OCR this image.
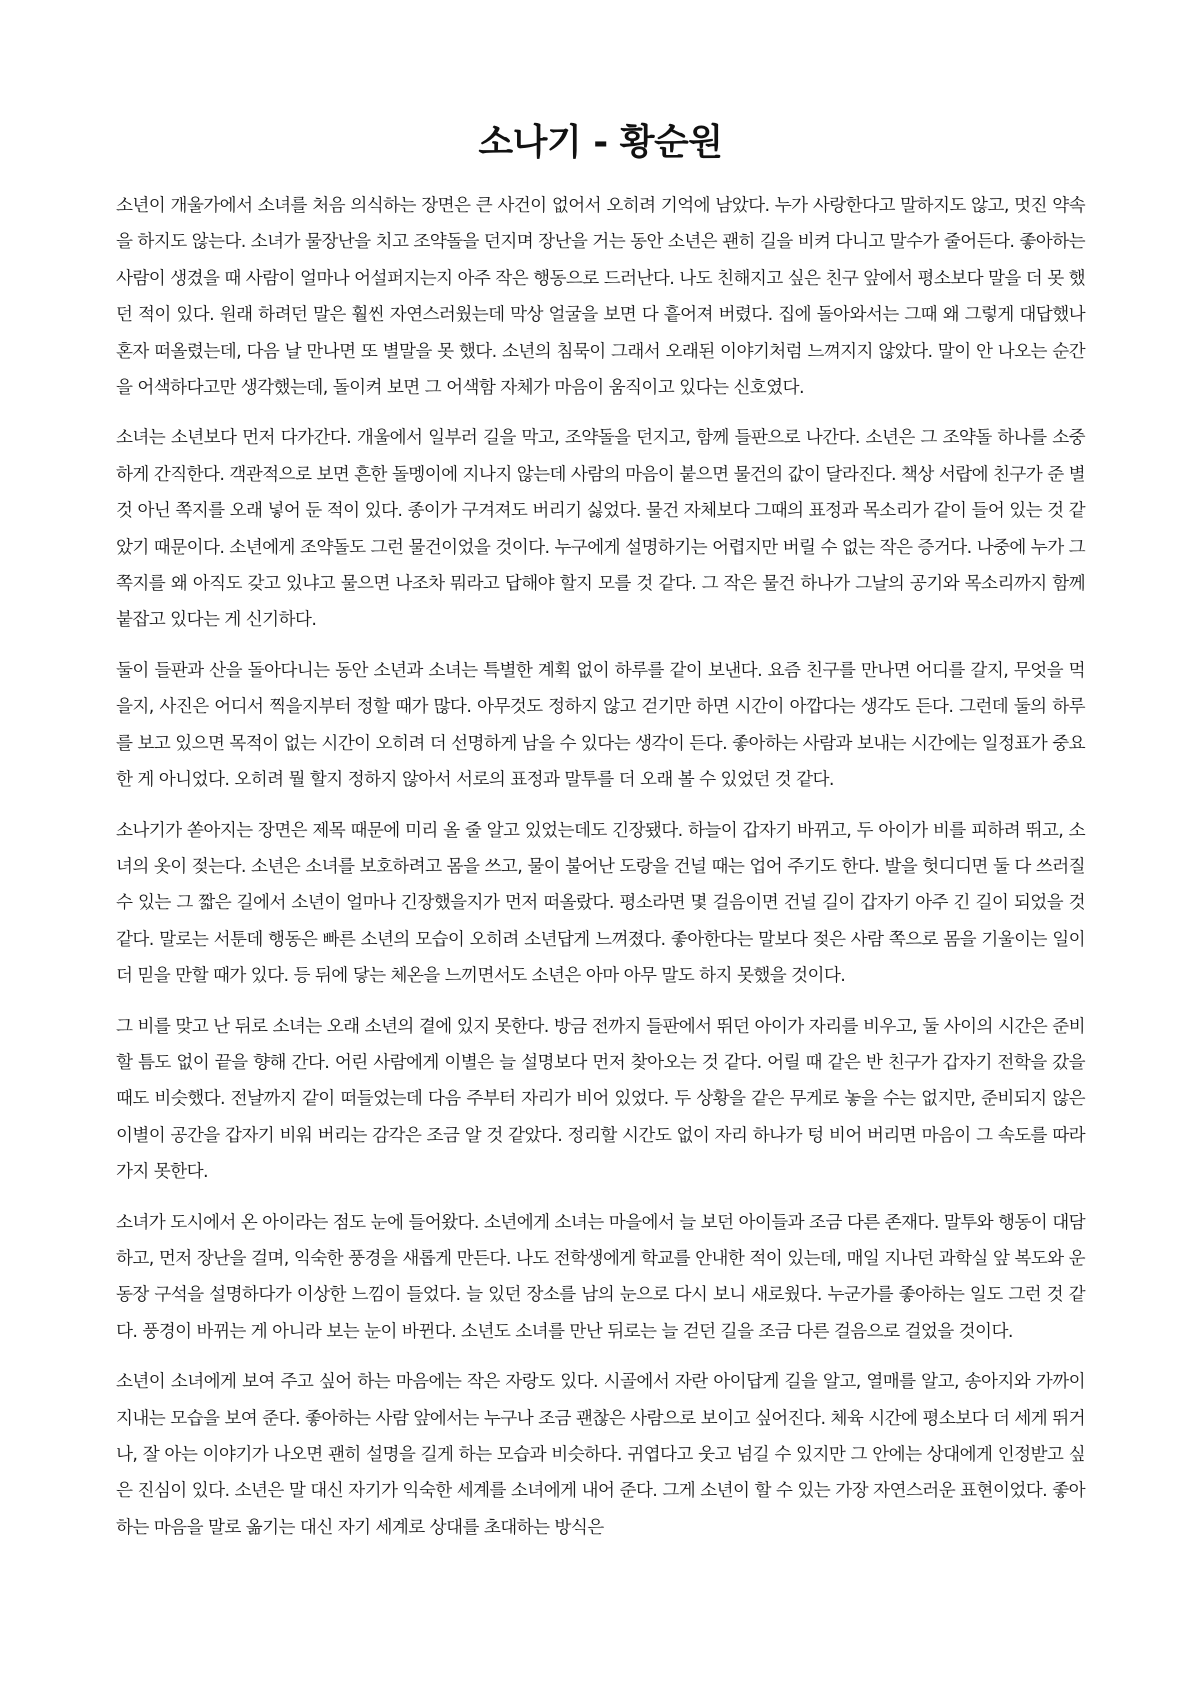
소나기 - 황순원

소년이 개울가에서 소녀를 처음 의식하는 장면은 큰 사건이 없어서 오히려 기억에 남았다. 누가 사랑한다고 말하지도 않고, 멋진 약속을 하지도 않는다. 소녀가 물장난을 치고 조약돌을 던지며 장난을 거는 동안 소년은 괜히 길을 비켜 다니고 말수가 줄어든다. 좋아하는 사람이 생겼을 때 사람이 얼마나 어설퍼지는지 아주 작은 행동으로 드러난다. 나도 친해지고 싶은 친구 앞에서 평소보다 말을 더 못 했던 적이 있다. 원래 하려던 말은 훨씬 자연스러웠는데 막상 얼굴을 보면 다 흩어져 버렸다. 집에 돌아와서는 그때 왜 그렇게 대답했나 혼자 떠올렸는데, 다음 날 만나면 또 별말을 못 했다. 소년의 침묵이 그래서 오래된 이야기처럼 느껴지지 않았다. 말이 안 나오는 순간을 어색하다고만 생각했는데, 돌이켜 보면 그 어색함 자체가 마음이 움직이고 있다는 신호였다.

소녀는 소년보다 먼저 다가간다. 개울에서 일부러 길을 막고, 조약돌을 던지고, 함께 들판으로 나간다. 소년은 그 조약돌 하나를 소중하게 간직한다. 객관적으로 보면 흔한 돌멩이에 지나지 않는데 사람의 마음이 붙으면 물건의 값이 달라진다. 책상 서랍에 친구가 준 별것 아닌 쪽지를 오래 넣어 둔 적이 있다. 종이가 구겨져도 버리기 싫었다. 물건 자체보다 그때의 표정과 목소리가 같이 들어 있는 것 같았기 때문이다. 소년에게 조약돌도 그런 물건이었을 것이다. 누구에게 설명하기는 어렵지만 버릴 수 없는 작은 증거다. 나중에 누가 그 쪽지를 왜 아직도 갖고 있냐고 물으면 나조차 뭐라고 답해야 할지 모를 것 같다. 그 작은 물건 하나가 그날의 공기와 목소리까지 함께 붙잡고 있다는 게 신기하다.

둘이 들판과 산을 돌아다니는 동안 소년과 소녀는 특별한 계획 없이 하루를 같이 보낸다. 요즘 친구를 만나면 어디를 갈지, 무엇을 먹을지, 사진은 어디서 찍을지부터 정할 때가 많다. 아무것도 정하지 않고 걷기만 하면 시간이 아깝다는 생각도 든다. 그런데 둘의 하루를 보고 있으면 목적이 없는 시간이 오히려 더 선명하게 남을 수 있다는 생각이 든다. 좋아하는 사람과 보내는 시간에는 일정표가 중요한 게 아니었다. 오히려 뭘 할지 정하지 않아서 서로의 표정과 말투를 더 오래 볼 수 있었던 것 같다.

소나기가 쏟아지는 장면은 제목 때문에 미리 올 줄 알고 있었는데도 긴장됐다. 하늘이 갑자기 바뀌고, 두 아이가 비를 피하려 뛰고, 소녀의 옷이 젖는다. 소년은 소녀를 보호하려고 몸을 쓰고, 물이 불어난 도랑을 건널 때는 업어 주기도 한다. 발을 헛디디면 둘 다 쓰러질 수 있는 그 짧은 길에서 소년이 얼마나 긴장했을지가 먼저 떠올랐다. 평소라면 몇 걸음이면 건널 길이 갑자기 아주 긴 길이 되었을 것 같다. 말로는 서툰데 행동은 빠른 소년의 모습이 오히려 소년답게 느껴졌다. 좋아한다는 말보다 젖은 사람 쪽으로 몸을 기울이는 일이 더 믿을 만할 때가 있다. 등 뒤에 닿는 체온을 느끼면서도 소년은 아마 아무 말도 하지 못했을 것이다.

그 비를 맞고 난 뒤로 소녀는 오래 소년의 곁에 있지 못한다. 방금 전까지 들판에서 뛰던 아이가 자리를 비우고, 둘 사이의 시간은 준비할 틈도 없이 끝을 향해 간다. 어린 사람에게 이별은 늘 설명보다 먼저 찾아오는 것 같다. 어릴 때 같은 반 친구가 갑자기 전학을 갔을 때도 비슷했다. 전날까지 같이 떠들었는데 다음 주부터 자리가 비어 있었다. 두 상황을 같은 무게로 놓을 수는 없지만, 준비되지 않은 이별이 공간을 갑자기 비워 버리는 감각은 조금 알 것 같았다. 정리할 시간도 없이 자리 하나가 텅 비어 버리면 마음이 그 속도를 따라가지 못한다.

소녀가 도시에서 온 아이라는 점도 눈에 들어왔다. 소년에게 소녀는 마을에서 늘 보던 아이들과 조금 다른 존재다. 말투와 행동이 대담하고, 먼저 장난을 걸며, 익숙한 풍경을 새롭게 만든다. 나도 전학생에게 학교를 안내한 적이 있는데, 매일 지나던 과학실 앞 복도와 운동장 구석을 설명하다가 이상한 느낌이 들었다. 늘 있던 장소를 남의 눈으로 다시 보니 새로웠다. 누군가를 좋아하는 일도 그런 것 같다. 풍경이 바뀌는 게 아니라 보는 눈이 바뀐다. 소년도 소녀를 만난 뒤로는 늘 걷던 길을 조금 다른 걸음으로 걸었을 것이다.

소년이 소녀에게 보여 주고 싶어 하는 마음에는 작은 자랑도 있다. 시골에서 자란 아이답게 길을 알고, 열매를 알고, 송아지와 가까이 지내는 모습을 보여 준다. 좋아하는 사람 앞에서는 누구나 조금 괜찮은 사람으로 보이고 싶어진다. 체육 시간에 평소보다 더 세게 뛰거나, 잘 아는 이야기가 나오면 괜히 설명을 길게 하는 모습과 비슷하다. 귀엽다고 웃고 넘길 수 있지만 그 안에는 상대에게 인정받고 싶은 진심이 있다. 소년은 말 대신 자기가 익숙한 세계를 소녀에게 내어 준다. 그게 소년이 할 수 있는 가장 자연스러운 표현이었다. 좋아하는 마음을 말로 옮기는 대신 자기 세계로 상대를 초대하는 방식은
